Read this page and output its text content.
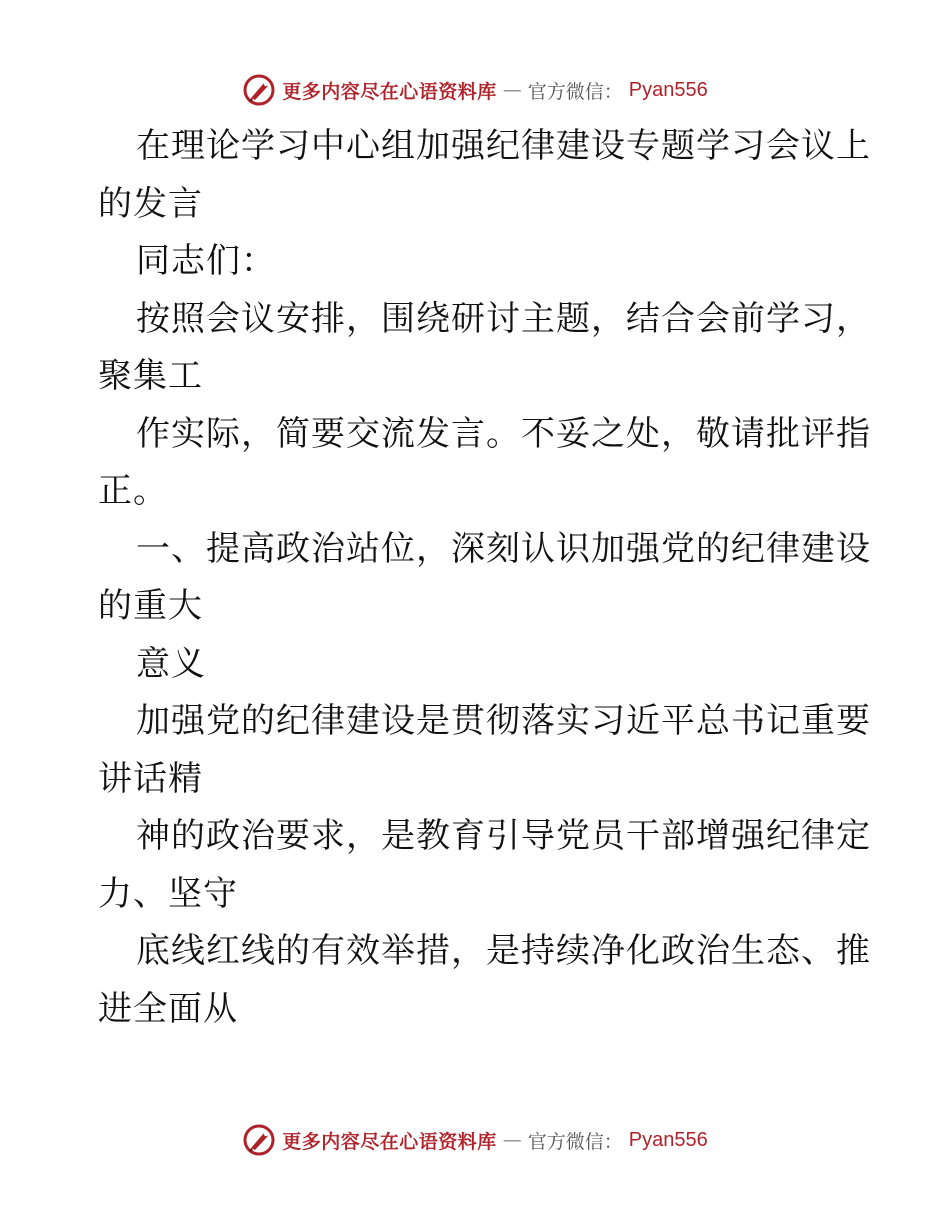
更多内容尽在心语资料库 — 官方微信： Pyan556
在理论学习中心组加强纪律建设专题学习会议上
的发言
同志们：
按照会议安排，围绕研讨主题，结合会前学习，
聚集工
作实际，简要交流发言。不妥之处，敬请批评指
正。
一、提高政治站位，深刻认识加强党的纪律建设
的重大
意义
加强党的纪律建设是贯彻落实习近平总书记重要
讲话精
神的政治要求，是教育引导党员干部增强纪律定
力、坚守
底线红线的有效举措，是持续净化政治生态、推
进全面从
更多内容尽在心语资料库 — 官方微信： Pyan556
